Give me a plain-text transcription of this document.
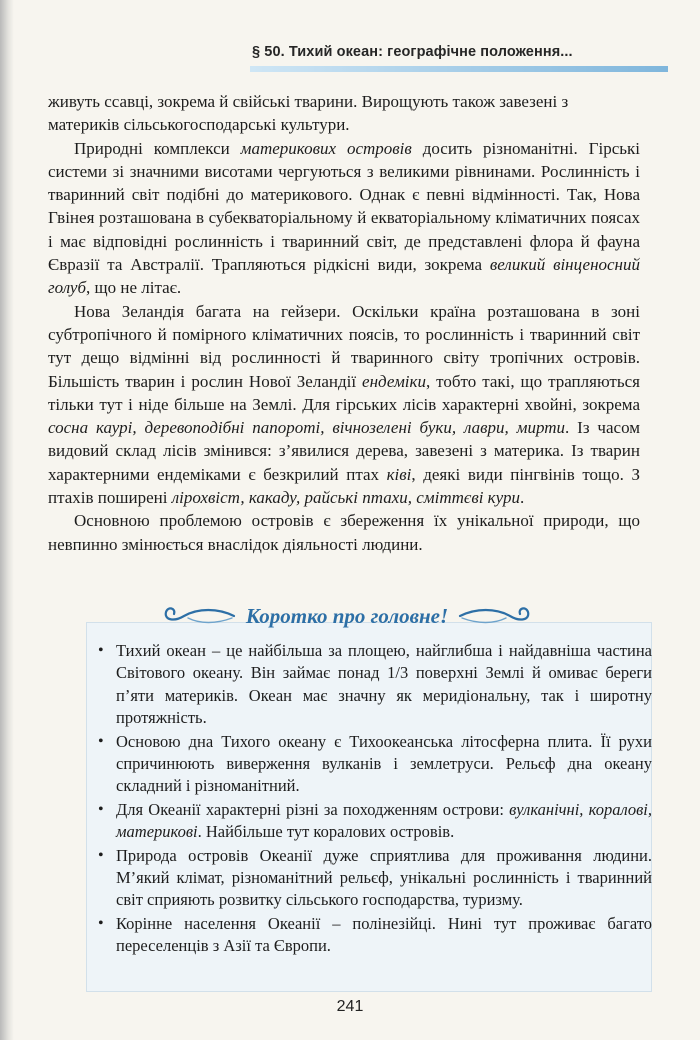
§ 50. Тихий океан: географічне положення...

живуть ссавці, зокрема й свійські тварини. Вирощують також завезені з материків сільськогосподарські культури.

Природні комплекси материкових островів досить різноманітні. Гірські системи зі значними висотами чергуються з великими рівнинами. Рослинність і тваринний світ подібні до материкового. Однак є певні відмінності. Так, Нова Гвінея розташована в субекваторіальному й екваторіальному кліматичних поясах і має відповідні рослинність і тваринний світ, де представлені флора й фауна Євразії та Австралії. Трапляються рідкісні види, зокрема великий вінценосний голуб, що не літає.

Нова Зеландія багата на гейзери. Оскільки країна розташована в зоні субтропічного й помірного кліматичних поясів, то рослинність і тваринний світ тут дещо відмінні від рослинності й тваринного світу тропічних островів. Більшість тварин і рослин Нової Зеландії ендеміки, тобто такі, що трапляються тільки тут і ніде більше на Землі. Для гірських лісів характерні хвойні, зокрема сосна каурі, деревоподібні папороті, вічнозелені буки, лаври, мирти. Із часом видовий склад лісів змінився: з’явилися дерева, завезені з материка. Із тварин характерними ендеміками є безкрилий птах ківі, деякі види пінгвінів тощо. З птахів поширені лірохвіст, какаду, райські птахи, сміттєві кури.

Основною проблемою островів є збереження їх унікальної природи, що невпинно змінюється внаслідок діяльності людини.

Коротко про головне!
• Тихий океан – це найбільша за площею, найглибша і найдавніша частина Світового океану. Він займає понад 1/3 поверхні Землі й омиває береги п’яти материків. Океан має значну як меридіональну, так і широтну протяжність.
• Основою дна Тихого океану є Тихоокеанська літосферна плита. Її рухи спричинюють виверження вулканів і землетруси. Рельєф дна океану складний і різноманітний.
• Для Океанії характерні різні за походженням острови: вулканічні, коралові, материкові. Найбільше тут коралових островів.
• Природа островів Океанії дуже сприятлива для проживання людини. М’який клімат, різноманітний рельєф, унікальні рослинність і тваринний світ сприяють розвитку сільського господарства, туризму.
• Корінне населення Океанії – полінезійці. Нині тут проживає багато переселенців з Азії та Європи.
241
